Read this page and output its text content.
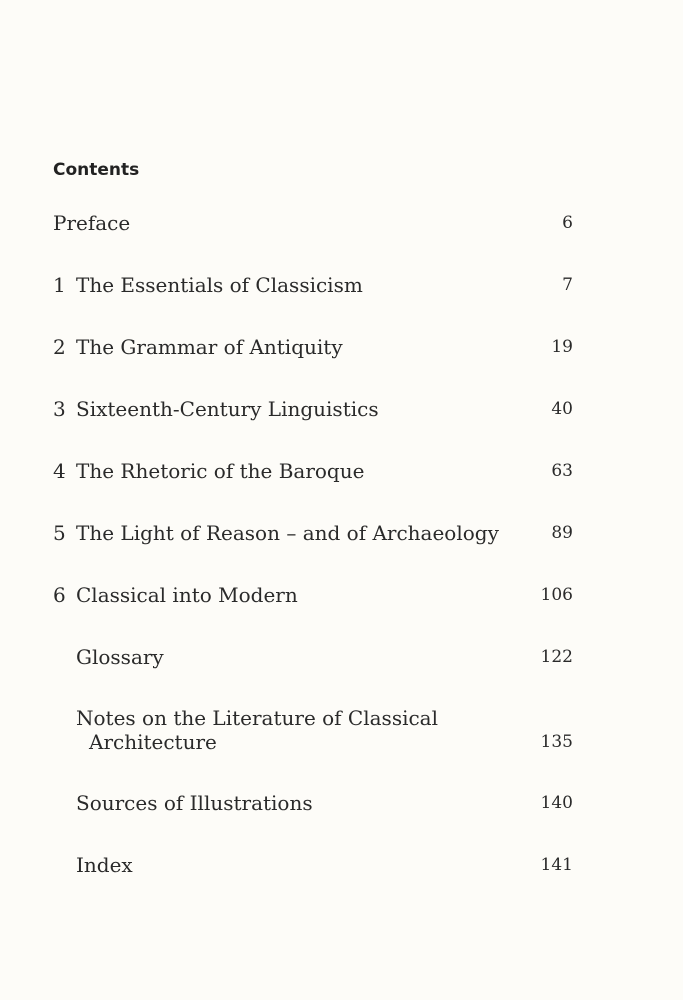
Contents
Preface	6
1 The Essentials of Classicism	7
2 The Grammar of Antiquity	19
3 Sixteenth-Century Linguistics	40
4 The Rhetoric of the Baroque	63
5 The Light of Reason – and of Archaeology	89
6 Classical into Modern	106
Glossary	122
Notes on the Literature of Classical
Architecture	135
Sources of Illustrations	140
Index	141
